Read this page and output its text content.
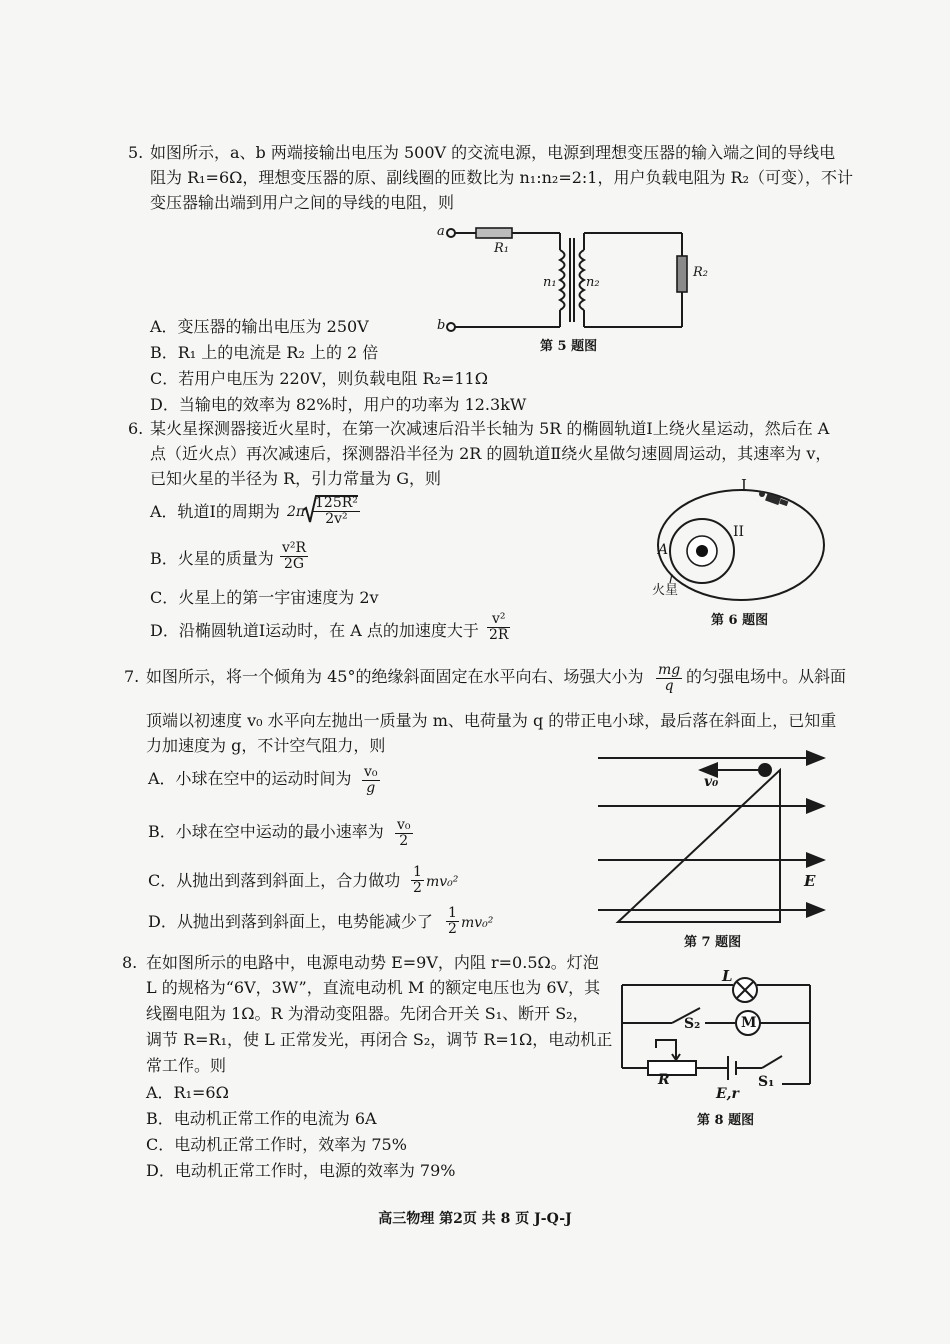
5. 如图所示，a、b 两端接输出电压为 500V 的交流电源，电源到理想变压器的输入端之间的导线电
阻为 R₁=6Ω，理想变压器的原、副线圈的匝数比为 n₁:n₂=2:1，用户负载电阻为 R₂（可变），不计
变压器输出端到用户之间的导线的电阻，则
A．变压器的输出电压为 250V
B．R₁ 上的电流是 R₂ 上的 2 倍
C．若用户电压为 220V，则负载电阻 R₂=11Ω
D．当输电的效率为 82%时，用户的功率为 12.3kW
a
b
R₁
R₂
n₁ n₂
第 5 题图
6. 某火星探测器接近火星时，在第一次减速后沿半长轴为 5R 的椭圆轨道Ⅰ上绕火星运动，然后在 A
点（近火点）再次减速后，探测器沿半径为 2R 的圆轨道Ⅱ绕火星做匀速圆周运动，其速率为 v，
已知火星的半径为 R，引力常量为 G，则
A．轨道Ⅰ的周期为 $2\pi \frac{\text{125R²}}{\text{2v²}}$
B．火星的质量为 $\frac{\text{v²R}}{2G}$
C．火星上的第一宇宙速度为 2v
D．沿椭圆轨道Ⅰ运动时，在 A 点的加速度大于 $\frac{\text{v²}}{2R}$
I
II
A
火星
第 6 题图
7. 如图所示，将一个倾角为 45°的绝缘斜面固定在水平向右、场强大小为 $\frac{mg}{q}$ 的匀强电场中。从斜面
顶端以初速度 v₀ 水平向左抛出一质量为 m、电荷量为 q 的带正电小球，最后落在斜面上，已知重
力加速度为 g，不计空气阻力，则
A．小球在空中的运动时间为 $\frac{\text{v₀}}{g}$
B．小球在空中运动的最小速率为 $\frac{\text{v₀}}{2}$
C．从抛出到落到斜面上，合力做功 $\frac{1}{2} mv_0^2$
D．从抛出到落到斜面上，电势能减少了 $\frac{1}{2} mv_0^2$
v₀
E
第 7 题图
8. 在如图所示的电路中，电源电动势 E=9V，内阻 r=0.5Ω。灯泡
L 的规格为“6V，3W”，直流电动机 M 的额定电压也为 6V，其
线圈电阻为 1Ω。R 为滑动变阻器。先闭合开关 S₁、断开 S₂，
调节 R=R₁，使 L 正常发光，再闭合 S₂，调节 R=1Ω，电动机正
常工作。则
A．R₁=6Ω
B．电动机正常工作的电流为 6A
C．电动机正常工作时，效率为 75%
D．电动机正常工作时，电源的效率为 79%
M
L
S₂
R
E,r
S₁
第 8 题图
高三物理 第2页 共 8 页 J-Q-J
